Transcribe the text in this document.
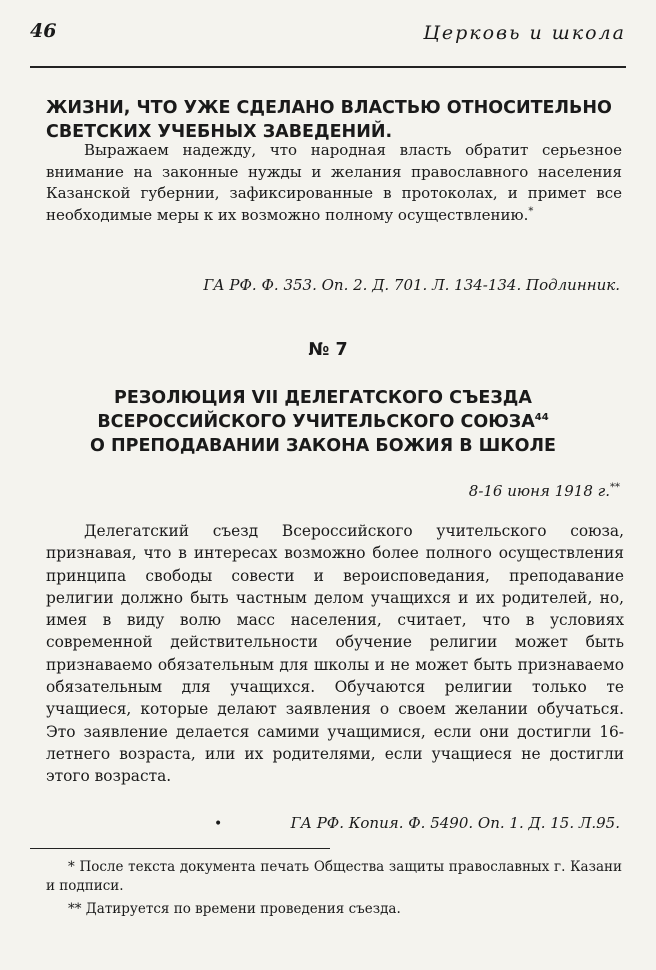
46	Церковь и школа
ЖИЗНИ, ЧТО УЖЕ СДЕЛАНО ВЛАСТЬЮ ОТНОСИТЕЛЬНО
СВЕТСКИХ УЧЕБНЫХ ЗАВЕДЕНИЙ.
Выражаем надежду, что народная власть обратит серьезное внимание на законные нужды и желания православного населения Казанской губернии, зафиксированные в протоколах, и примет все необходимые меры к их возможно полному осуществлению.*
ГА РФ. Ф. 353. Оп. 2. Д. 701. Л. 134-134. Подлинник.
№ 7
РЕЗОЛЮЦИЯ VII ДЕЛЕГАТСКОГО СЪЕЗДА
ВСЕРОССИЙСКОГО УЧИТЕЛЬСКОГО СОЮЗА$^{44}$
О ПРЕПОДАВАНИИ ЗАКОНА БОЖИЯ В ШКОЛЕ
8-16 июня 1918 г.**
Делегатский съезд Всероссийского учительского союза, признавая, что в интересах возможно более полного осуществления принципа свободы совести и вероисповедания, преподавание религии должно быть частным делом учащихся и их родителей, но, имея в виду волю масс населения, считает, что в условиях современной действительности обучение религии может быть признаваемо обязательным для школы и не может быть признаваемо обязательным для учащихся. Обучаются религии только те учащиеся, которые делают заявления о своем желании обучаться. Это заявление делается самими учащимися, если они достигли 16-летнего возраста, или их родителями, если учащиеся не достигли этого возраста.
•	ГА РФ. Копия. Ф. 5490. Оп. 1. Д. 15. Л.95.
* После текста документа печать Общества защиты православных г. Казани и подписи.
** Датируется по времени проведения съезда.
